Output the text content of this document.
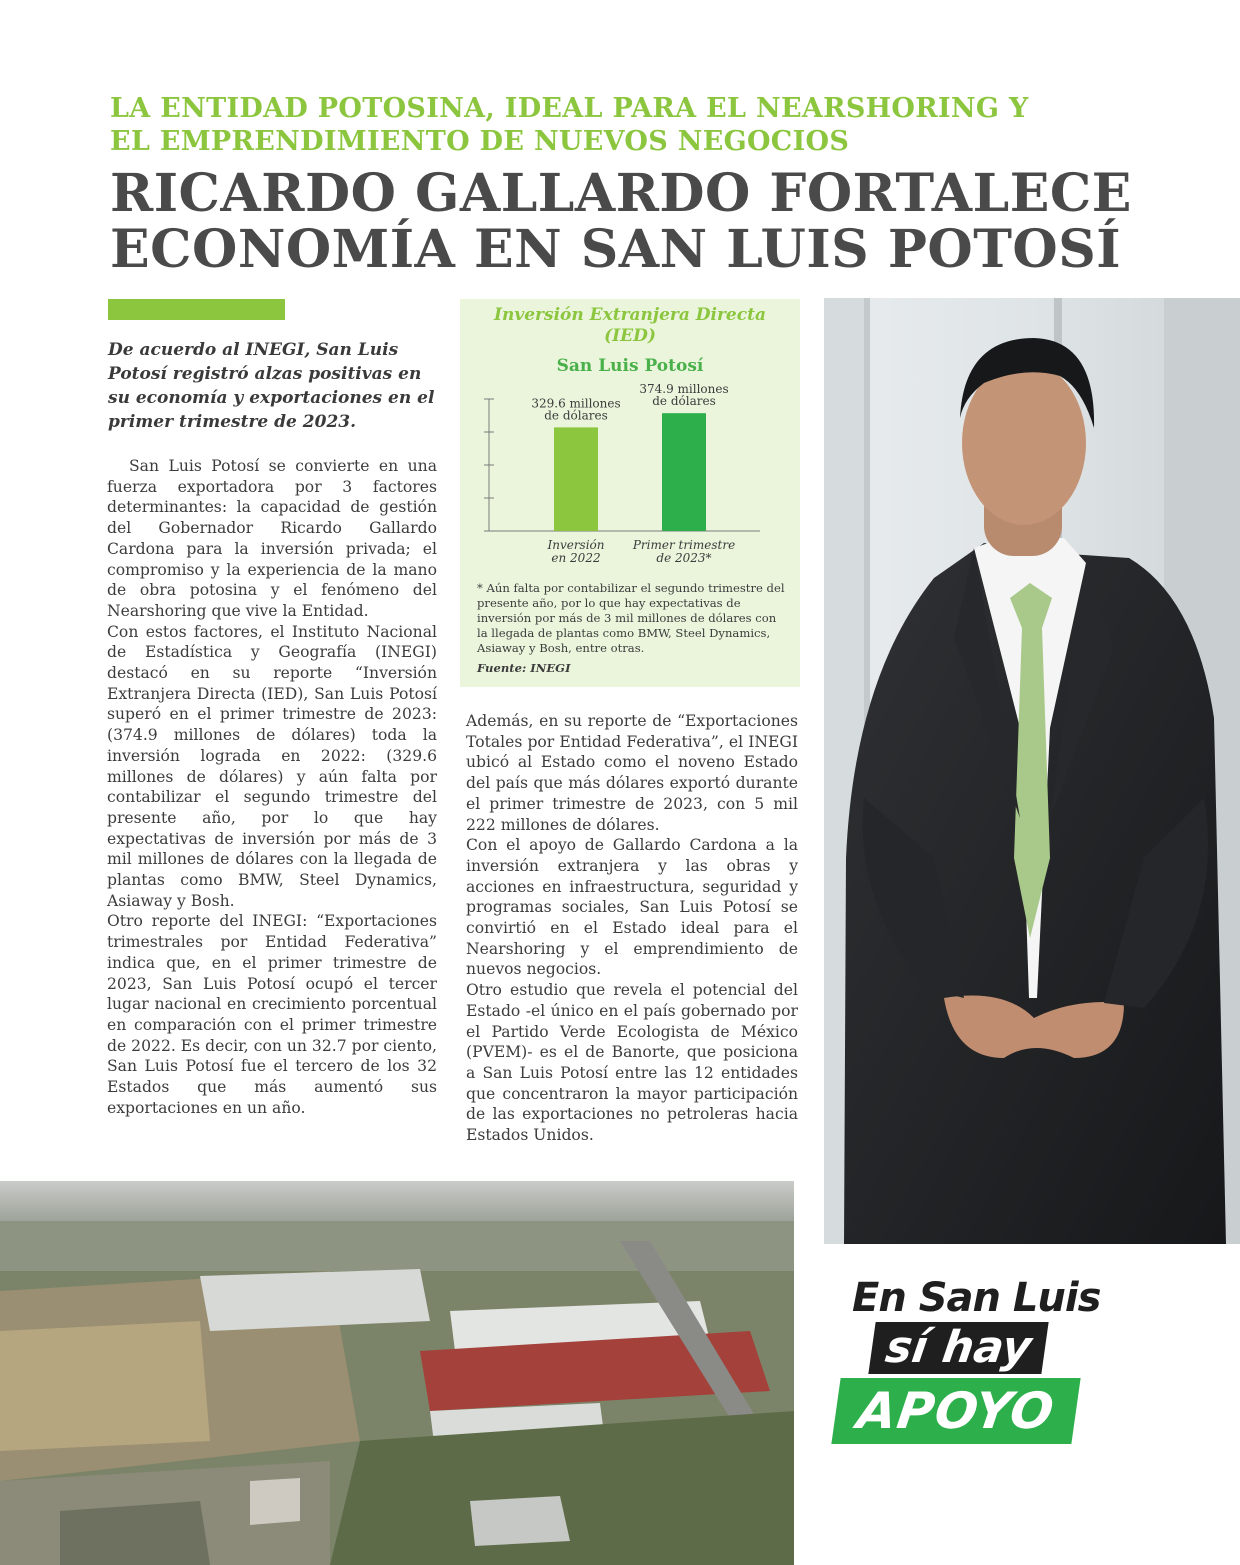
LA ENTIDAD POTOSINA, IDEAL PARA EL NEARSHORING Y
EL EMPRENDIMIENTO DE NUEVOS NEGOCIOS
RICARDO GALLARDO FORTALECE
ECONOMÍA EN SAN LUIS POTOSÍ

De acuerdo al INEGI, San Luis Potosí registró alzas positivas en su economía y exportaciones en el primer trimestre de 2023.

San Luis Potosí se convierte en una fuerza exportadora por 3 factores determinantes: la capacidad de gestión del Gobernador Ricardo Gallardo Cardona para la inversión privada; el compromiso y la experiencia de la mano de obra potosina y el fenómeno del Nearshoring que vive la Entidad.

Con estos factores, el Instituto Nacional de Estadística y Geografía (INEGI) destacó en su reporte “Inversión Extranjera Directa (IED), San Luis Potosí superó en el primer trimestre de 2023: (374.9 millones de dólares) toda la inversión lograda en 2022: (329.6 millones de dólares) y aún falta por contabilizar el segundo trimestre del presente año, por lo que hay expectativas de inversión por más de 3 mil millones de dólares con la llegada de plantas como BMW, Steel Dynamics, Asiaway y Bosh.

Otro reporte del INEGI: “Exportaciones trimestrales por Entidad Federativa” indica que, en el primer trimestre de 2023, San Luis Potosí ocupó el tercer lugar nacional en crecimiento porcentual en comparación con el primer trimestre de 2022. Es decir, con un 32.7 por ciento, San Luis Potosí fue el tercero de los 32 Estados que más aumentó sus exportaciones en un año.

Inversión Extranjera Directa
(IED)
San Luis Potosí
329.6 millones
de dólares
Inversión
en 2022
374.9 millones
de dólares
Primer trimestre
de 2023*

* Aún falta por contabilizar el segundo trimestre del presente año, por lo que hay expectativas de inversión por más de 3 mil millones de dólares con la llegada de plantas como BMW, Steel Dynamics, Asiaway y Bosh, entre otras.

Fuente: INEGI

Además, en su reporte de “Exportaciones Totales por Entidad Federativa”, el INEGI ubicó al Estado como el noveno Estado del país que más dólares exportó durante el primer trimestre de 2023, con 5 mil 222 millones de dólares.

Con el apoyo de Gallardo Cardona a la inversión extranjera y las obras y acciones en infraestructura, seguridad y programas sociales, San Luis Potosí se convirtió en el Estado ideal para el Nearshoring y el emprendimiento de nuevos negocios.

Otro estudio que revela el potencial del Estado -el único en el país gobernado por el Partido Verde Ecologista de México (PVEM)- es el de Banorte, que posiciona a San Luis Potosí entre las 12 entidades que concentraron la mayor participación de las exportaciones no petroleras hacia Estados Unidos.

En San Luis
sí hay
APOYO
